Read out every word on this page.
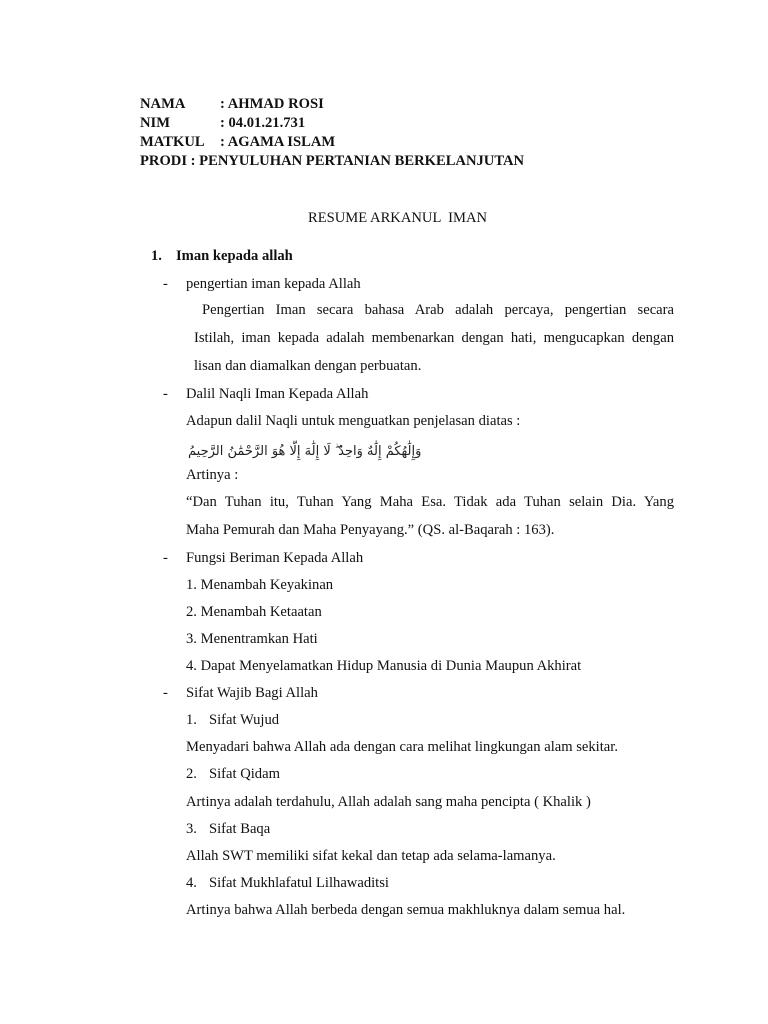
NAMA : AHMAD ROSI
NIM	: 04.01.21.731
MATKUL : AGAMA ISLAM
PRODI : PENYULUHAN PERTANIAN BERKELANJUTAN
RESUME ARKANUL  IMAN
1. Iman kepada allah
- pengertian iman kepada Allah
Pengertian Iman secara bahasa Arab adalah percaya, pengertian secara
Istilah, iman kepada adalah membenarkan dengan hati, mengucapkan dengan
lisan dan diamalkan dengan perbuatan.
- Dalil Naqli Iman Kepada Allah
Adapun dalil Naqli untuk menguatkan penjelasan diatas :
وَإِلَٰهُكُمْ إِلَٰهٌ وَاحِدٌ ۖ لَا إِلَٰهَ إِلَّا هُوَ الرَّحْمَٰنُ الرَّحِيمُ
Artinya :
“Dan Tuhan itu, Tuhan Yang Maha Esa. Tidak ada Tuhan selain Dia. Yang
Maha Pemurah dan Maha Penyayang.” (QS. al-Baqarah : 163).
- Fungsi Beriman Kepada Allah
1. Menambah Keyakinan
2. Menambah Ketaatan
3. Menentramkan Hati
4. Dapat Menyelamatkan Hidup Manusia di Dunia Maupun Akhirat
- Sifat Wajib Bagi Allah
1. Sifat Wujud
Menyadari bahwa Allah ada dengan cara melihat lingkungan alam sekitar.
2. Sifat Qidam
Artinya adalah terdahulu, Allah adalah sang maha pencipta ( Khalik )
3. Sifat Baqa
Allah SWT memiliki sifat kekal dan tetap ada selama-lamanya.
4. Sifat Mukhlafatul Lilhawaditsi
Artinya bahwa Allah berbeda dengan semua makhluknya dalam semua hal.
